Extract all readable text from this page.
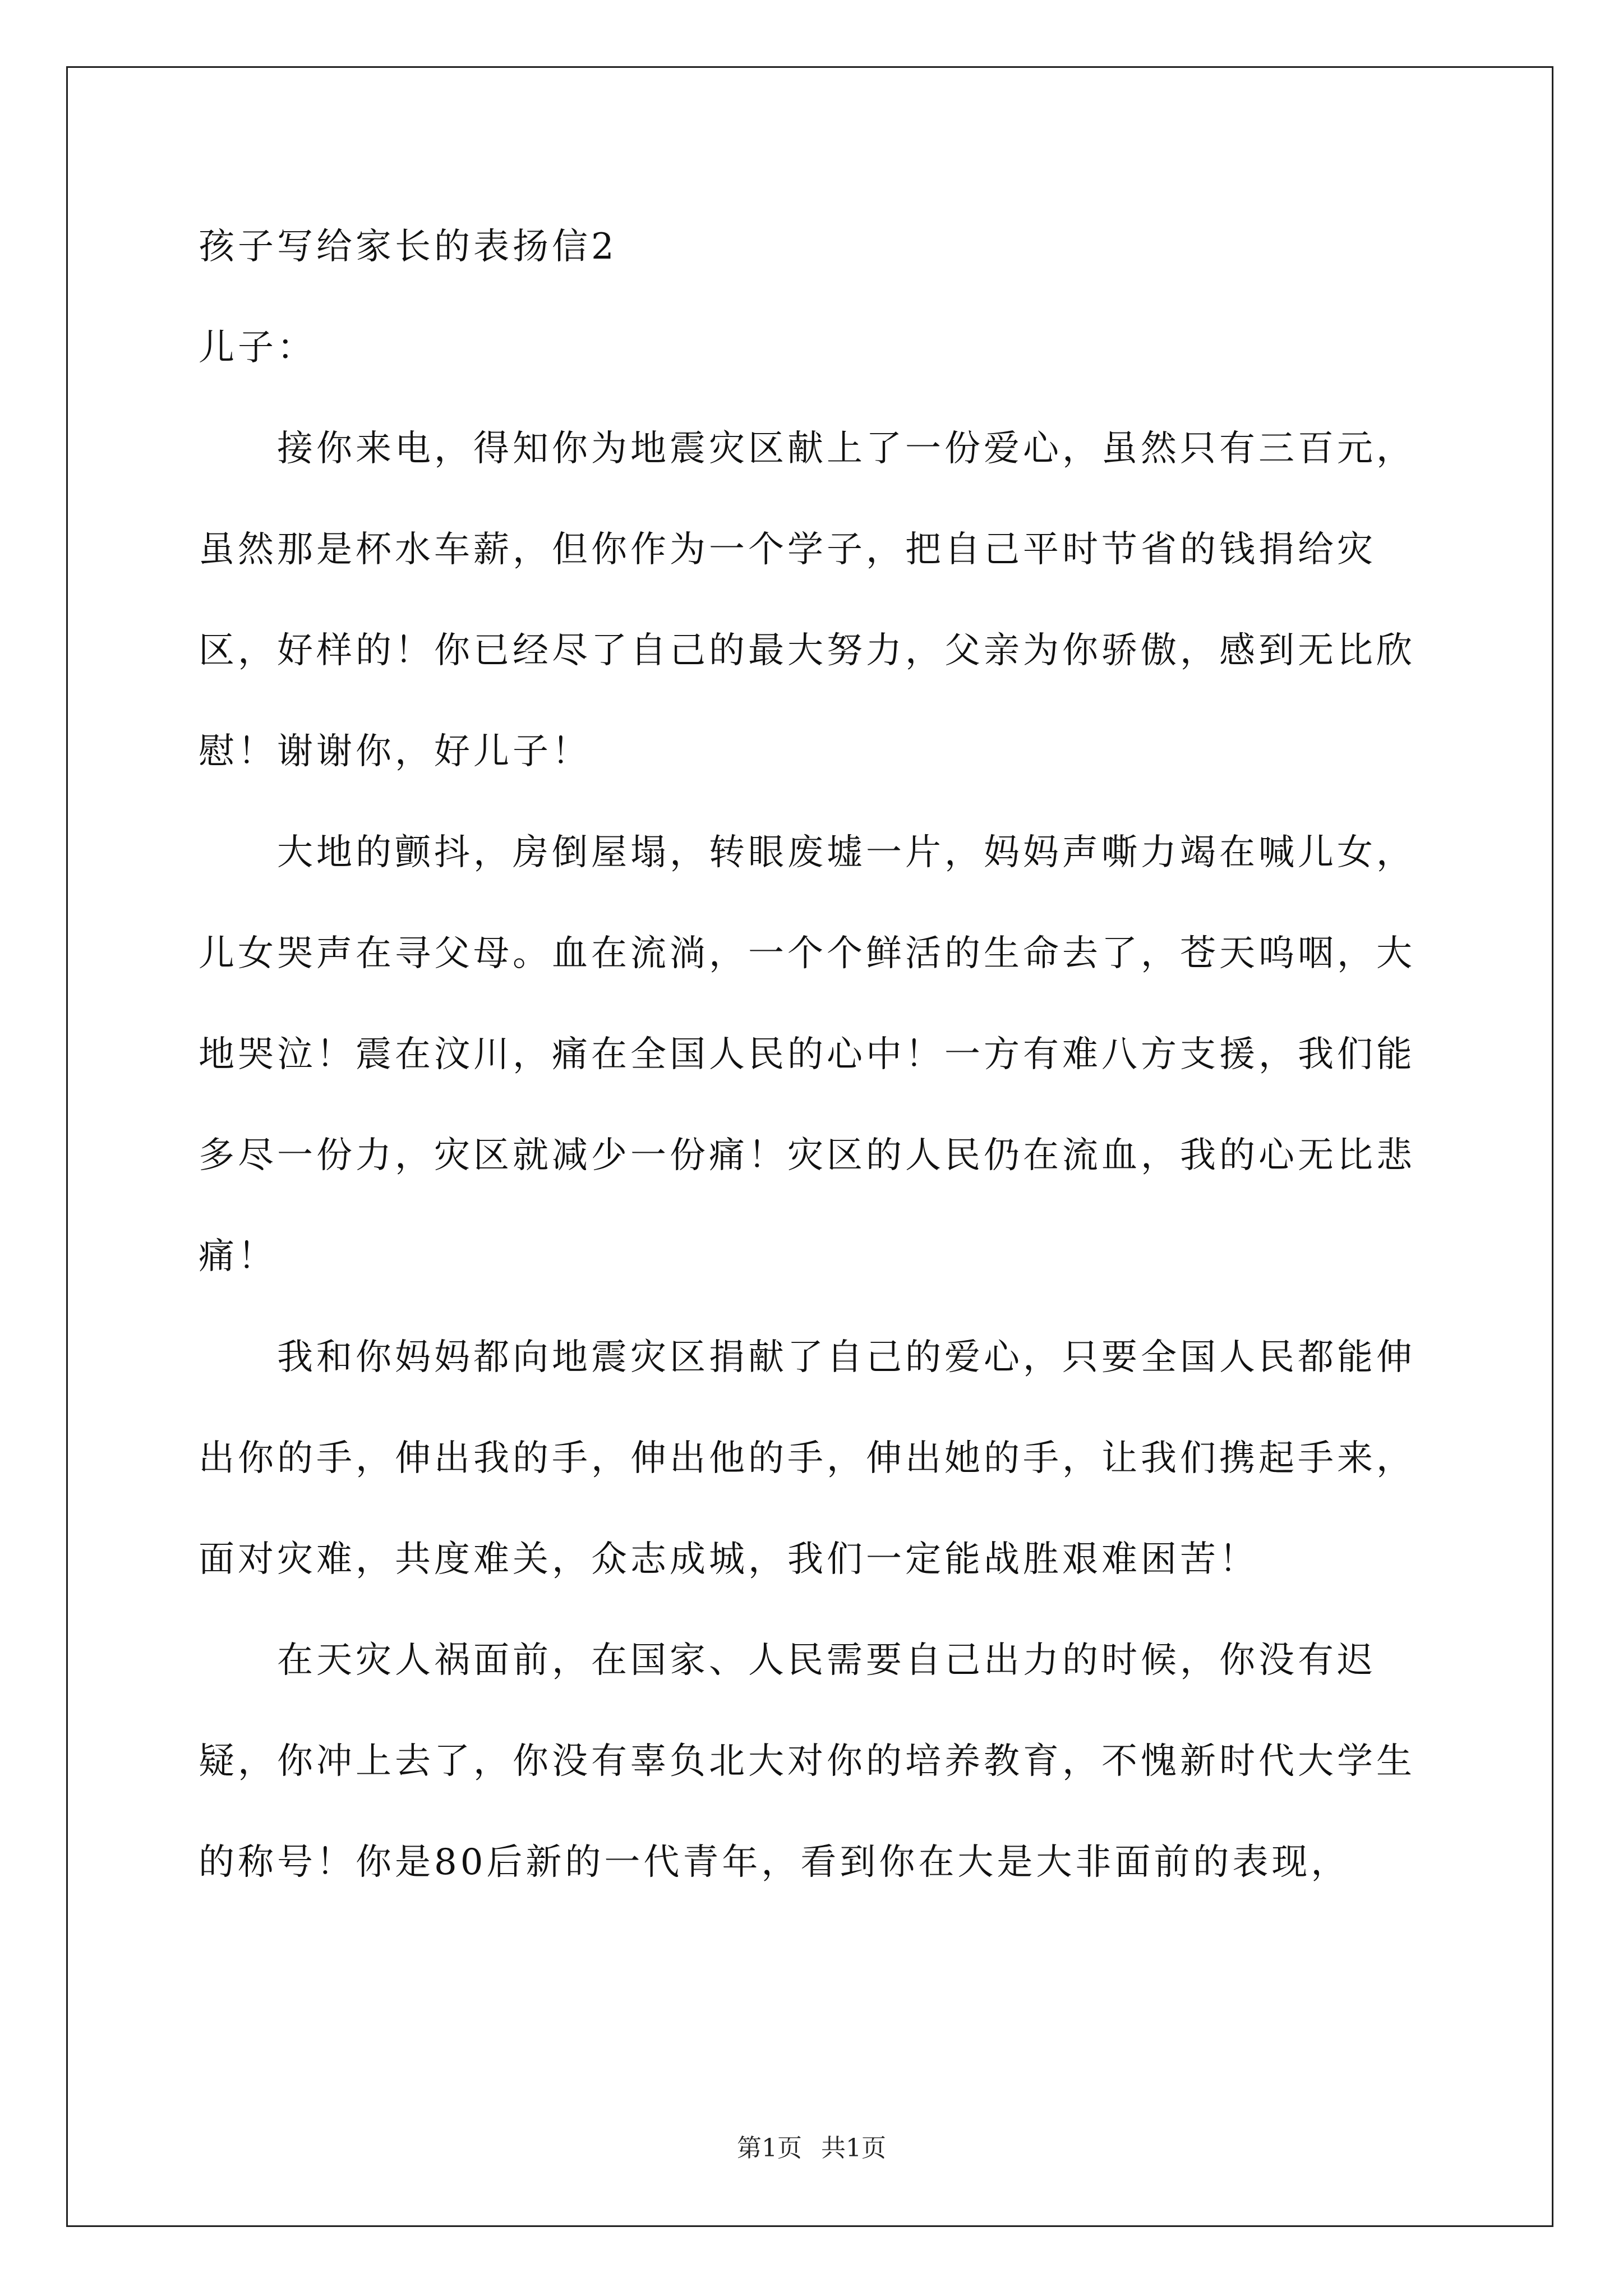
孩子写给家长的表扬信2

儿子：

接你来电，得知你为地震灾区献上了一份爱心，虽然只有三百元，虽然那是杯水车薪，但你作为一个学子，把自己平时节省的钱捐给灾区，好样的！你已经尽了自己的最大努力，父亲为你骄傲，感到无比欣慰！谢谢你，好儿子！

大地的颤抖，房倒屋塌，转眼废墟一片，妈妈声嘶力竭在喊儿女，儿女哭声在寻父母。血在流淌，一个个鲜活的生命去了，苍天呜咽，大地哭泣！震在汶川，痛在全国人民的心中！一方有难八方支援，我们能多尽一份力，灾区就减少一份痛！灾区的人民仍在流血，我的心无比悲痛！

我和你妈妈都向地震灾区捐献了自己的爱心，只要全国人民都能伸出你的手，伸出我的手，伸出他的手，伸出她的手，让我们携起手来，面对灾难，共度难关，众志成城，我们一定能战胜艰难困苦！

在天灾人祸面前，在国家、人民需要自己出力的时候，你没有迟疑，你冲上去了，你没有辜负北大对你的培养教育，不愧新时代大学生的称号！你是80后新的一代青年，看到你在大是大非面前的表现，

第1页 共1页
